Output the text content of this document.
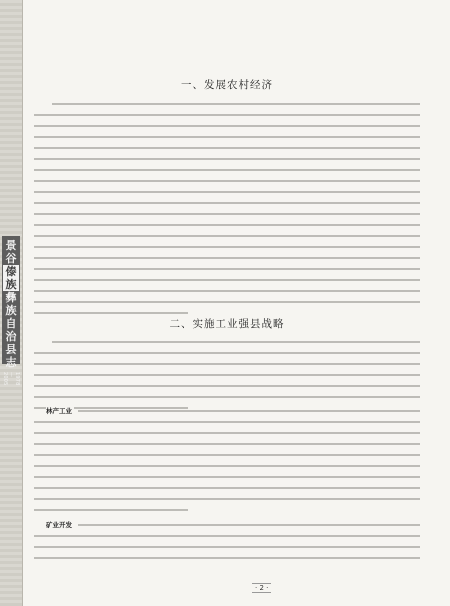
景
谷
傣
族
彝
族
自
治
县
志
1978—2005
一、发展农村经济
二、实施工业强县战略
林产工业
矿业开发
· 2 ·
